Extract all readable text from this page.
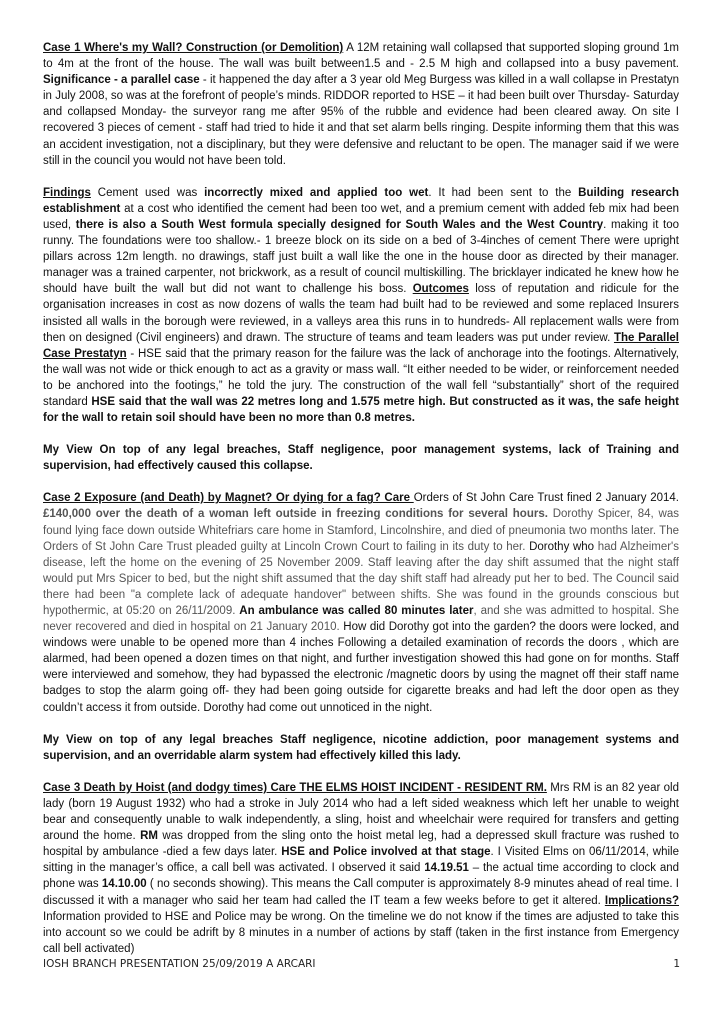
Case 1 Where's my Wall? Construction (or Demolition) A 12M retaining wall collapsed that supported sloping ground 1m to 4m at the front of the house. The wall was built between1.5 and - 2.5 M high and collapsed into a busy pavement. Significance - a parallel case - it happened the day after a 3 year old Meg Burgess was killed in a wall collapse in Prestatyn in July 2008, so was at the forefront of people’s minds. RIDDOR reported to HSE – it had been built over Thursday- Saturday and collapsed Monday- the surveyor rang me after 95% of the rubble and evidence had been cleared away. On site I recovered 3 pieces of cement - staff had tried to hide it and that set alarm bells ringing. Despite informing them that this was an accident investigation, not a disciplinary, but they were defensive and reluctant to be open. The manager said if we were still in the council you would not have been told.

Findings Cement used was incorrectly mixed and applied too wet. It had been sent to the Building research establishment at a cost who identified the cement had been too wet, and a premium cement with added feb mix had been used, there is also a South West formula specially designed for South Wales and the West Country. making it too runny. The foundations were too shallow.- 1 breeze block on its side on a bed of 3-4inches of cement There were upright pillars across 12m length. no drawings, staff just built a wall like the one in the house door as directed by their manager. manager was a trained carpenter, not brickwork, as a result of council multiskilling. The bricklayer indicated he knew how he should have built the wall but did not want to challenge his boss. Outcomes loss of reputation and ridicule for the organisation increases in cost as now dozens of walls the team had built had to be reviewed and some replaced Insurers insisted all walls in the borough were reviewed, in a valleys area this runs in to hundreds- All replacement walls were from then on designed (Civil engineers) and drawn. The structure of teams and team leaders was put under review. The Parallel Case Prestatyn - HSE said that the primary reason for the failure was the lack of anchorage into the footings. Alternatively, the wall was not wide or thick enough to act as a gravity or mass wall. “It either needed to be wider, or reinforcement needed to be anchored into the footings,” he told the jury. The construction of the wall fell “substantially” short of the required standard HSE said that the wall was 22 metres long and 1.575 metre high. But constructed as it was, the safe height for the wall to retain soil should have been no more than 0.8 metres.

My View On top of any legal breaches, Staff negligence, poor management systems, lack of Training and supervision, had effectively caused this collapse.

Case 2 Exposure (and Death) by Magnet? Or dying for a fag? Care Orders of St John Care Trust fined 2 January 2014. £140,000 over the death of a woman left outside in freezing conditions for several hours. Dorothy Spicer, 84, was found lying face down outside Whitefriars care home in Stamford, Lincolnshire, and died of pneumonia two months later. The Orders of St John Care Trust pleaded guilty at Lincoln Crown Court to failing in its duty to her. Dorothy who had Alzheimer's disease, left the home on the evening of 25 November 2009. Staff leaving after the day shift assumed that the night staff would put Mrs Spicer to bed, but the night shift assumed that the day shift staff had already put her to bed. The Council said there had been "a complete lack of adequate handover" between shifts. She was found in the grounds conscious but hypothermic, at 05:20 on 26/11/2009. An ambulance was called 80 minutes later, and she was admitted to hospital. She never recovered and died in hospital on 21 January 2010. How did Dorothy got into the garden? the doors were locked, and windows were unable to be opened more than 4 inches Following a detailed examination of records the doors , which are alarmed, had been opened a dozen times on that night, and further investigation showed this had gone on for months. Staff were interviewed and somehow, they had bypassed the electronic /magnetic doors by using the magnet off their staff name badges to stop the alarm going off- they had been going outside for cigarette breaks and had left the door open as they couldn’t access it from outside. Dorothy had come out unnoticed in the night.

My View on top of any legal breaches Staff negligence, nicotine addiction, poor management systems and supervision, and an overridable alarm system had effectively killed this lady.

Case 3 Death by Hoist (and dodgy times) Care THE ELMS HOIST INCIDENT - RESIDENT RM. Mrs RM is an 82 year old lady (born 19 August 1932) who had a stroke in July 2014 who had a left sided weakness which left her unable to weight bear and consequently unable to walk independently, a sling, hoist and wheelchair were required for transfers and getting around the home. RM was dropped from the sling onto the hoist metal leg, had a depressed skull fracture was rushed to hospital by ambulance -died a few days later. HSE and Police involved at that stage. I Visited Elms on 06/11/2014, while sitting in the manager’s office, a call bell was activated. I observed it said 14.19.51 – the actual time according to clock and phone was 14.10.00 ( no seconds showing). This means the Call computer is approximately 8-9 minutes ahead of real time. I discussed it with a manager who said her team had called the IT team a few weeks before to get it altered. Implications? Information provided to HSE and Police may be wrong. On the timeline we do not know if the times are adjusted to take this into account so we could be adrift by 8 minutes in a number of actions by staff (taken in the first instance from Emergency call bell activated)

IOSH BRANCH PRESENTATION 25/09/2019 A ARCARI	1
